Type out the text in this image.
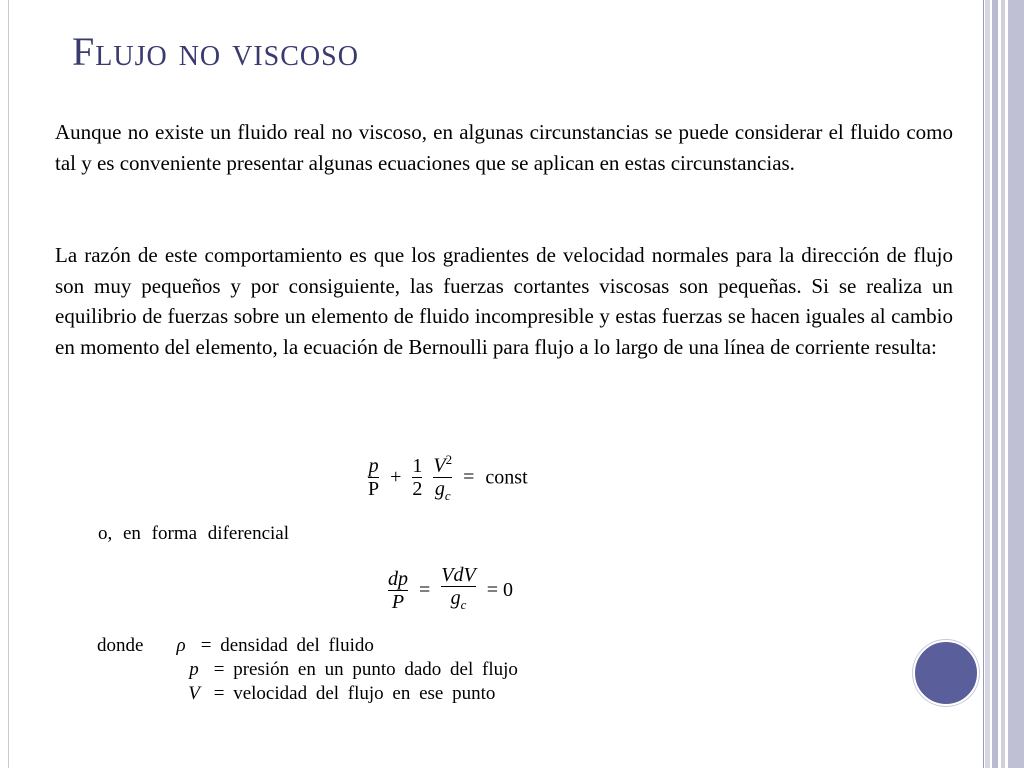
Flujo no viscoso

Aunque no existe un fluido real no viscoso, en algunas circunstancias se puede considerar el fluido como tal y es conveniente presentar algunas ecuaciones que se aplican en estas circunstancias.

La razón de este comportamiento es que los gradientes de velocidad normales para la dirección de flujo son muy pequeños y por consiguiente, las fuerzas cortantes viscosas son pequeñas. Si se realiza un equilibrio de fuerzas sobre un elemento de fluido incompresible y estas fuerzas se hacen iguales al cambio en momento del elemento, la ecuación de Bernoulli para flujo a lo largo de una línea de corriente resulta:

$\frac{p}{P} + \frac{1}{2}$
$\frac{V^2}{g_c}$ = const
o, en forma diferencial
$\frac{dp}{P} = \frac{\text{VdV}}{g_c} = 0$
donde	ρ = densidad del fluido
p = presión en un punto dado del flujo
V = velocidad del flujo en ese punto
